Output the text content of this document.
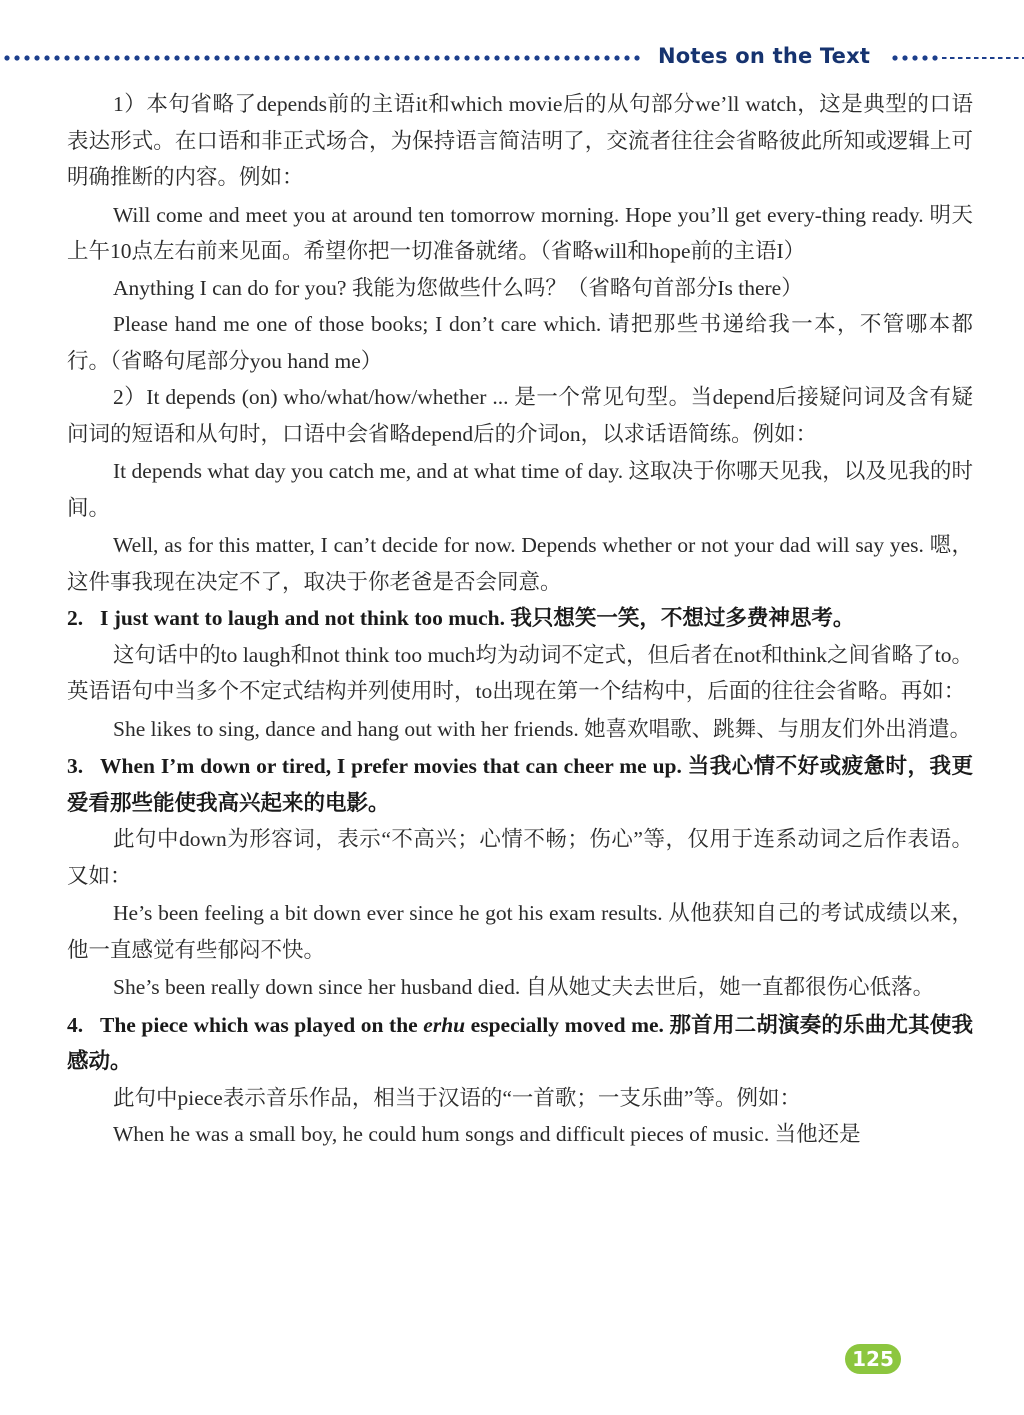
Notes on the Text

1）本句省略了depends前的主语it和which movie后的从句部分we’ll watch，这是典型的口语表达形式。在口语和非正式场合，为保持语言简洁明了，交流者往往会省略彼此所知或逻辑上可明确推断的内容。例如：

Will come and meet you at around ten tomorrow morning. Hope you’ll get every-thing ready. 明天上午10点左右前来见面。希望你把一切准备就绪。（省略will和hope前的主语I）

Anything I can do for you? 我能为您做些什么吗？（省略句首部分Is there）

Please hand me one of those books; I don’t care which. 请把那些书递给我一本，不管哪本都行。（省略句尾部分you hand me）

2）It depends (on) who/what/how/whether ... 是一个常见句型。当depend后接疑问词及含有疑问词的短语和从句时，口语中会省略depend后的介词on，以求话语简练。例如：

It depends what day you catch me, and at what time of day. 这取决于你哪天见我，以及见我的时间。

Well, as for this matter, I can’t decide for now. Depends whether or not your dad will say yes. 嗯，这件事我现在决定不了，取决于你老爸是否会同意。

2. I just want to laugh and not think too much. 我只想笑一笑，不想过多费神思考。

这句话中的to laugh和not think too much均为动词不定式，但后者在not和think之间省略了to。英语语句中当多个不定式结构并列使用时，to出现在第一个结构中，后面的往往会省略。再如：

She likes to sing, dance and hang out with her friends. 她喜欢唱歌、跳舞、与朋友们外出消遣。

3. When I’m down or tired, I prefer movies that can cheer me up. 当我心情不好或疲惫时，我更爱看那些能使我高兴起来的电影。

此句中down为形容词，表示“不高兴；心情不畅；伤心”等，仅用于连系动词之后作表语。又如：

He’s been feeling a bit down ever since he got his exam results. 从他获知自己的考试成绩以来，他一直感觉有些郁闷不快。

She’s been really down since her husband died. 自从她丈夫去世后，她一直都很伤心低落。

4. The piece which was played on the erhu especially moved me. 那首用二胡演奏的乐曲尤其使我感动。

此句中piece表示音乐作品，相当于汉语的“一首歌；一支乐曲”等。例如：

When he was a small boy, he could hum songs and difficult pieces of music. 当他还是

125
